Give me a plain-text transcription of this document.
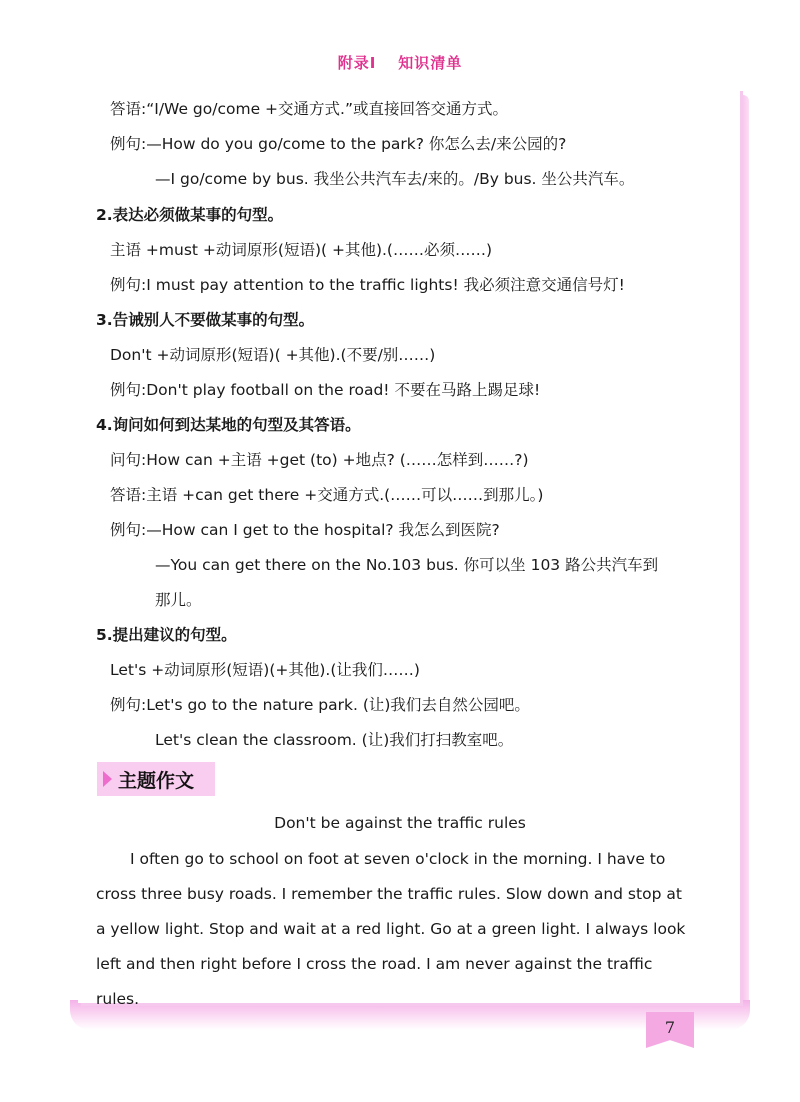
附录Ⅰ 知识清单
答语:“I/We go/come +交通方式.”或直接回答交通方式。
例句:—How do you go/come to the park? 你怎么去/来公园的?
—I go/come by bus. 我坐公共汽车去/来的。/By bus. 坐公共汽车。
2.表达必须做某事的句型。
主语 +must +动词原形(短语)( +其他).(……必须……)
例句:I must pay attention to the traffic lights! 我必须注意交通信号灯!
3.告诫别人不要做某事的句型。
Don't +动词原形(短语)( +其他).(不要/别……)
例句:Don't play football on the road! 不要在马路上踢足球!
4.询问如何到达某地的句型及其答语。
问句:How can +主语 +get (to) +地点? (……怎样到……?)
答语:主语 +can get there +交通方式.(……可以……到那儿。)
例句:—How can I get to the hospital? 我怎么到医院?
—You can get there on the No.103 bus. 你可以坐 103 路公共汽车到
那儿。
5.提出建议的句型。
Let's +动词原形(短语)(+其他).(让我们……)
例句:Let's go to the nature park. (让)我们去自然公园吧。
Let's clean the classroom. (让)我们打扫教室吧。
主题作文
Don't be against the traffic rules
I often go to school on foot at seven o'clock in the morning. I have to
cross three busy roads. I remember the traffic rules. Slow down and stop at
a yellow light. Stop and wait at a red light. Go at a green light. I always look
left and then right before I cross the road. I am never against the traffic
rules.
7
